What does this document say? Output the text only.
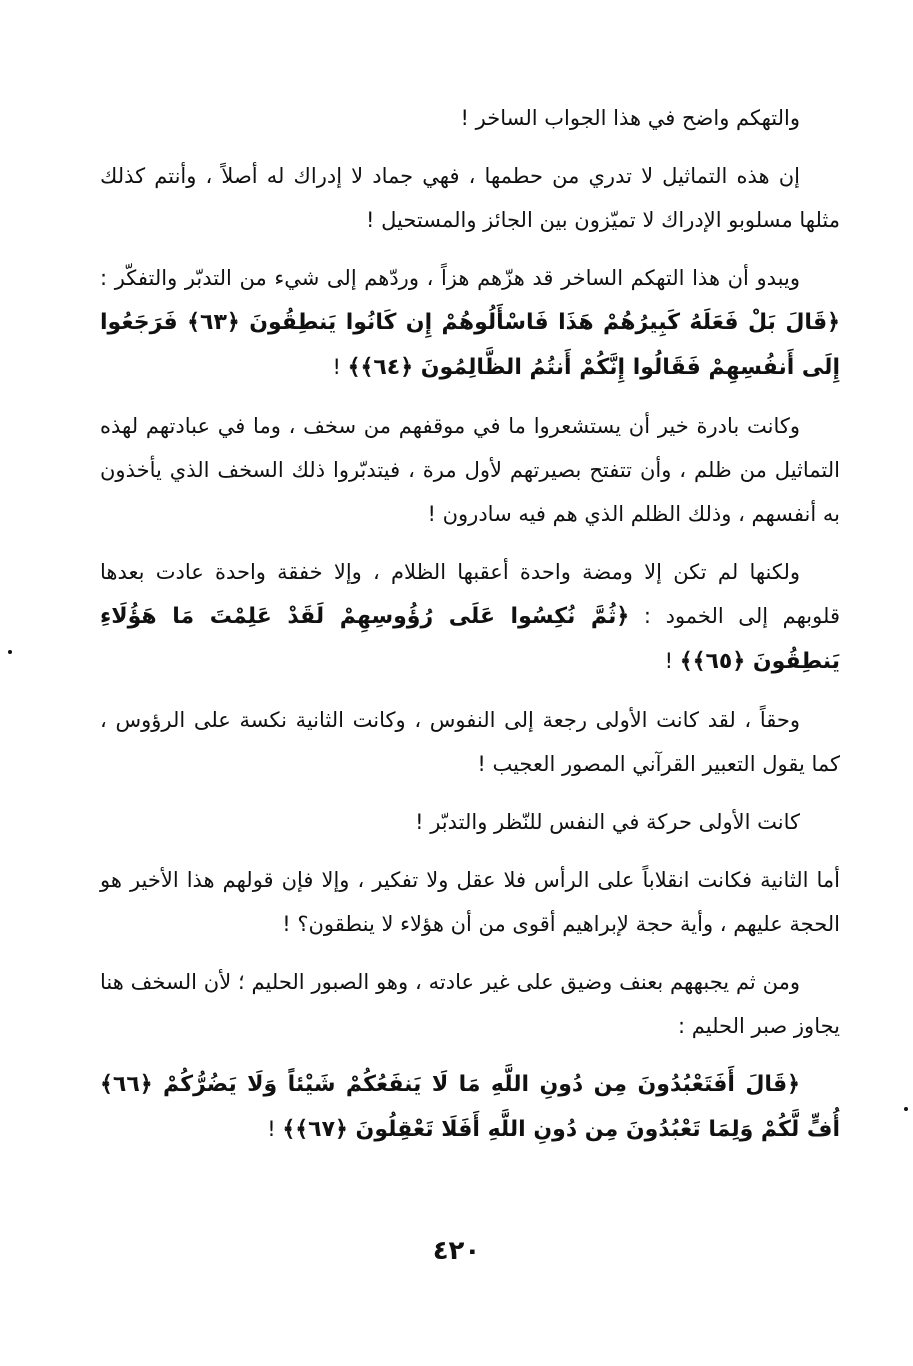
والتهكم واضح في هذا الجواب الساخر !

إن هذه التماثيل لا تدري من حطمها ، فهي جماد لا إدراك له أصلاً ، وأنتم كذلك مثلها مسلوبو الإدراك لا تميّزون بين الجائز والمستحيل !

ويبدو أن هذا التهكم الساخر قد هزّهم هزاً ، وردّهم إلى شيء من التدبّر والتفكّر : ﴿قَالَ بَلْ فَعَلَهُ كَبِيرُهُمْ هَذَا فَاسْأَلُوهُمْ إِن كَانُوا يَنطِقُونَ ﴿٦٣﴾ فَرَجَعُوا إِلَى أَنفُسِهِمْ فَقَالُوا إِنَّكُمْ أَنتُمُ الظَّالِمُونَ ﴿٦٤﴾﴾ !

وكانت بادرة خير أن يستشعروا ما في موقفهم من سخف ، وما في عبادتهم لهذه التماثيل من ظلم ، وأن تتفتح بصيرتهم لأول مرة ، فيتدبّروا ذلك السخف الذي يأخذون به أنفسهم ، وذلك الظلم الذي هم فيه سادرون !

ولكنها لم تكن إلا ومضة واحدة أعقبها الظلام ، وإلا خفقة واحدة عادت بعدها قلوبهم إلى الخمود : ﴿ثُمَّ نُكِسُوا عَلَى رُؤُوسِهِمْ لَقَدْ عَلِمْتَ مَا هَؤُلَاءِ يَنطِقُونَ ﴿٦٥﴾﴾ !

وحقاً ، لقد كانت الأولى رجعة إلى النفوس ، وكانت الثانية نكسة على الرؤوس ، كما يقول التعبير القرآني المصور العجيب !

كانت الأولى حركة في النفس للنّظر والتدبّر !

أما الثانية فكانت انقلاباً على الرأس فلا عقل ولا تفكير ، وإلا فإن قولهم هذا الأخير هو الحجة عليهم ، وأية حجة لإبراهيم أقوى من أن هؤلاء لا ينطقون؟ !

ومن ثم يجبههم بعنف وضيق على غير عادته ، وهو الصبور الحليم ؛ لأن السخف هنا يجاوز صبر الحليم :

﴿قَالَ أَفَتَعْبُدُونَ مِن دُونِ اللَّهِ مَا لَا يَنفَعُكُمْ شَيْئاً وَلَا يَضُرُّكُمْ ﴿٦٦﴾ أُفٍّ لَّكُمْ وَلِمَا تَعْبُدُونَ مِن دُونِ اللَّهِ أَفَلَا تَعْقِلُونَ ﴿٦٧﴾﴾ !

٤٢٠
